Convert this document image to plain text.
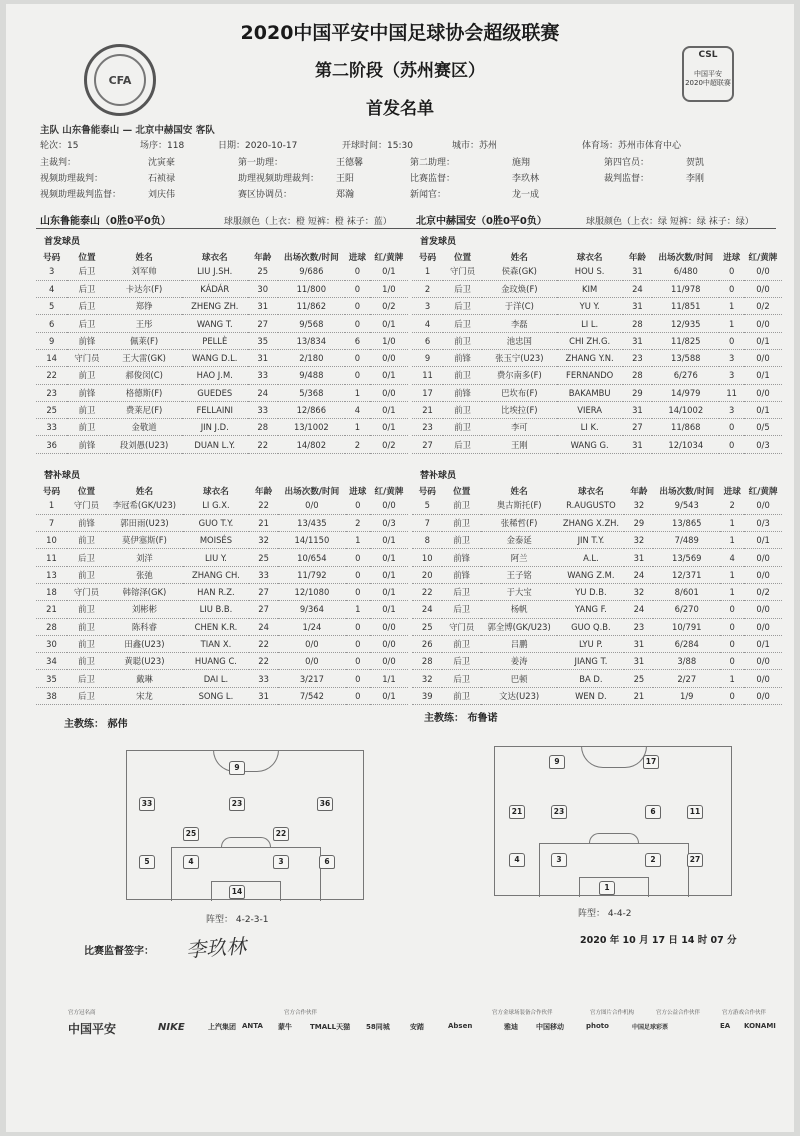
CFA
CSL
中国平安
2020中超联赛
2020中国平安中国足球协会超级联赛
第二阶段（苏州赛区）
首发名单
主队 山东鲁能泰山 — 北京中赫国安 客队
轮次：15	场序：118	日期：2020-10-17	开球时间：15:30	城市：苏州	体育场：苏州市体育中心
主裁判：	沈寅豪	第一助理：	王德馨	第二助理：	施翔	第四官员：	贺凯
视频助理裁判：	石祯禄	助理视频助理裁判： 王阳	比赛监督：	李玖林	裁判监督：	李刚
视频助理裁判监督：	刘庆伟	赛区协调员：	郑瀚	新闻官：	龙一成
山东鲁能泰山（0胜0平0负）	球服颜色（上衣：橙 短裤：橙 袜子：蓝） 北京中赫国安（0胜0平0负）	球服颜色（上衣：绿 短裤：绿 袜子：绿）
首发球员	首发球员
号码	位置	姓名	球衣名	年龄	出场次数/时间	进球	红/黄牌
3	后卫	刘军帅	LIU J.SH.	25	9/686	0	0/1
4	后卫	卡达尔(F)	KÁDÁR	30	11/800	0	1/0
5	后卫	郑铮	ZHENG ZH.	31	11/862	0	0/2
6	后卫	王彤	WANG T.	27	9/568	0	0/1
9	前锋	佩莱(F)	PELLÈ	35	13/834	6	1/0
14	守门员	王大雷(GK)	WANG D.L.	31	2/180	0	0/0
22	前卫	郝俊闵(C)	HAO J.M.	33	9/488	0	0/1
23	前锋	格德斯(F)	GUEDES	24	5/368	1	0/0
25	前卫	费莱尼(F)	FELLAINI	33	12/866	4	0/1
33	前卫	金敬道	JIN J.D.	28	13/1002	1	0/1
36	前锋	段刘愚(U23)	DUAN L.Y.	22	14/802	2	0/2
号码	位置	姓名	球衣名	年龄	出场次数/时间	进球	红/黄牌
1	守门员	侯森(GK)	HOU S.	31	6/480	0	0/0
2	后卫	金玟焕(F)	KIM	24	11/978	0	0/0
3	后卫	于洋(C)	YU Y.	31	11/851	1	0/2
4	后卫	李磊	LI L.	28	12/935	1	0/0
6	前卫	池忠国	CHI ZH.G.	31	11/825	0	0/1
9	前锋	张玉宁(U23)	ZHANG Y.N.	23	13/588	3	0/0
11	前卫	费尔南多(F)	FERNANDO	28	6/276	3	0/1
17	前锋	巴坎布(F)	BAKAMBU	29	14/979	11	0/0
21	前卫	比埃拉(F)	VIERA	31	14/1002	3	0/1
23	前卫	李可	LI K.	27	11/868	0	0/5
27	后卫	王刚	WANG G.	31	12/1034	0	0/3
替补球员	替补球员
号码	位置	姓名	球衣名	年龄	出场次数/时间	进球	红/黄牌
1	守门员	李冠希(GK/U23)	LI G.X.	22	0/0	0	0/0
7	前锋	郭田雨(U23)	GUO T.Y.	21	13/435	2	0/3
10	前卫	莫伊塞斯(F)	MOISÉS	32	14/1150	1	0/1
11	后卫	刘洋	LIU Y.	25	10/654	0	0/1
13	前卫	张弛	ZHANG CH.	33	11/792	0	0/1
18	守门员	韩镕泽(GK)	HAN R.Z.	27	12/1080	0	0/1
21	前卫	刘彬彬	LIU B.B.	27	9/364	1	0/1
28	前卫	陈科睿	CHEN K.R.	24	1/24	0	0/0
30	前卫	田鑫(U23)	TIAN X.	22	0/0	0	0/0
34	前卫	黄聪(U23)	HUANG C.	22	0/0	0	0/0
35	后卫	戴琳	DAI L.	33	3/217	0	1/1
38	后卫	宋龙	SONG L.	31	7/542	0	0/1
号码	位置	姓名	球衣名	年龄	出场次数/时间	进球	红/黄牌
5	前卫	奥古斯托(F)	R.AUGUSTO	32	9/543	2	0/0
7	前卫	张稀哲(F)	ZHANG X.ZH.	29	13/865	1	0/3
8	前卫	金泰延	JIN T.Y.	32	7/489	1	0/1
10	前锋	阿兰	A.L.	31	13/569	4	0/0
20	前锋	王子铭	WANG Z.M.	24	12/371	1	0/0
22	后卫	于大宝	YU D.B.	32	8/601	1	0/2
24	后卫	杨帆	YANG F.	24	6/270	0	0/0
25	守门员	郭全博(GK/U23)	GUO Q.B.	23	10/791	0	0/0
26	前卫	吕鹏	LYU P.	31	6/284	0	0/1
28	后卫	姜涛	JIANG T.	31	3/88	0	0/0
32	后卫	巴顿	BA D.	25	2/27	1	0/0
39	前卫	文达(U23)	WEN D.	21	1/9	0	0/0
主教练： 郝伟
主教练： 布鲁诺
9
33	23	36
25	22
5	4	3	6
14
9	17
21	23	6	11
4	3	2	27
1
阵型： 4-2-3-1
阵型： 4-4-2
比赛监督签字： 李玖林	2020 年 10 月 17 日 14 时 07 分
官方冠名商	官方合作伙伴	官方金球场装备合作伙伴	官方图片合作机构	官方公益合作伙伴	官方游戏合作伙伴
中国平安	NIKE	上汽集团 ANTA 蒙牛	TMALL天猫 58同城	安踏	Absen	雅迪	中国移动	photo	中国足球彩票	EA KONAMI
